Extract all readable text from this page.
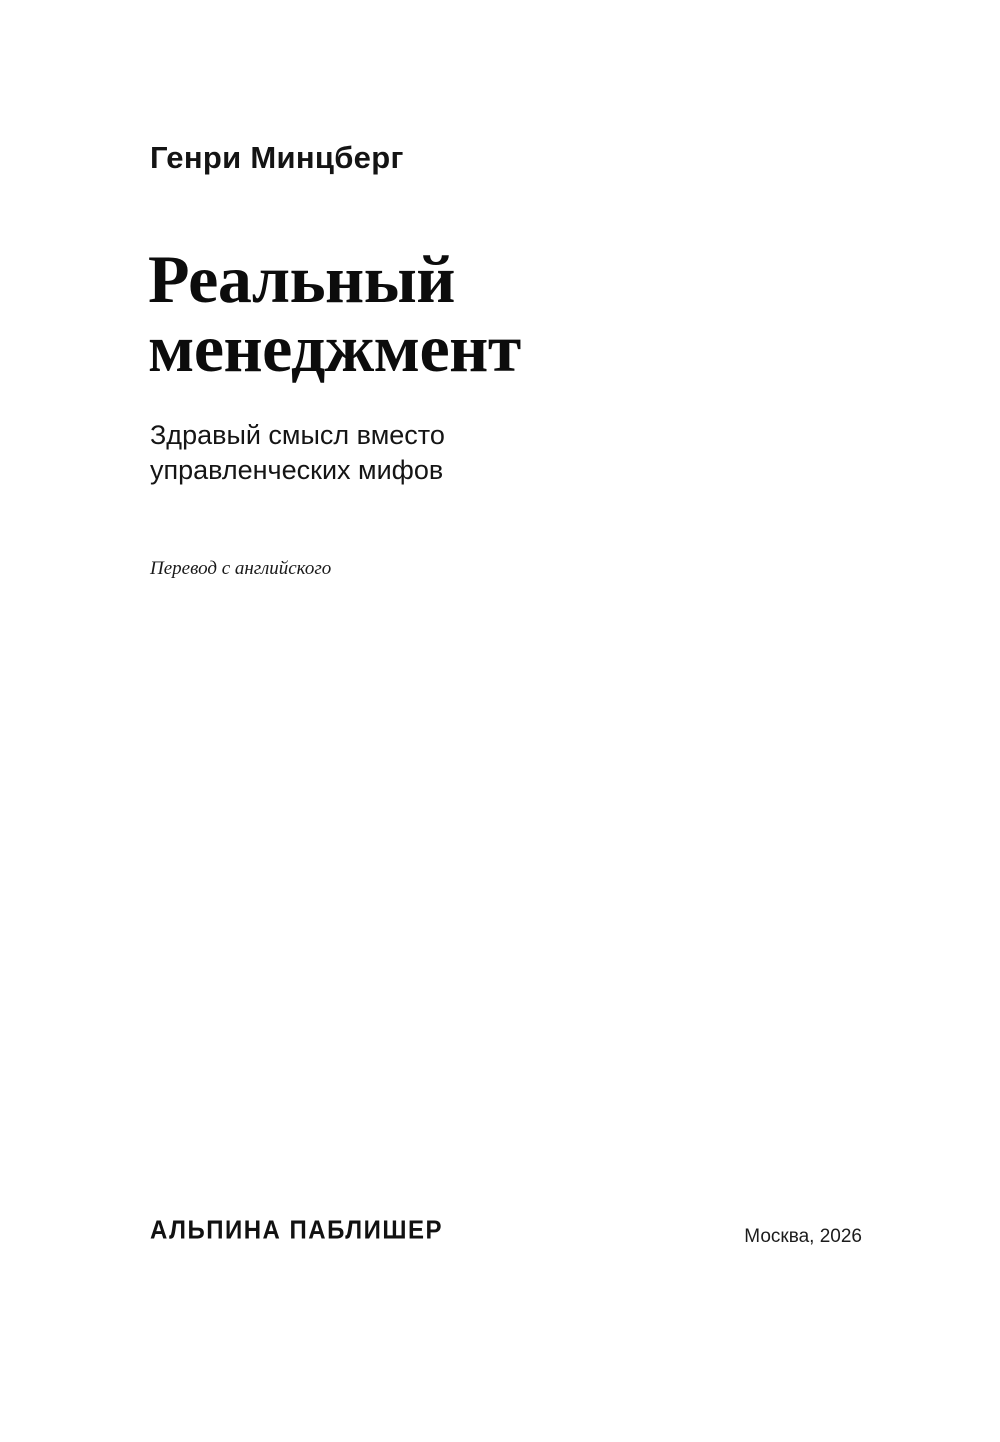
Генри Минцберг
Реальный
менеджмент
Здравый смысл вместо
управленческих мифов
Перевод с английского
АЛЬПИНА ПАБЛИШЕР	Москва, 2026
